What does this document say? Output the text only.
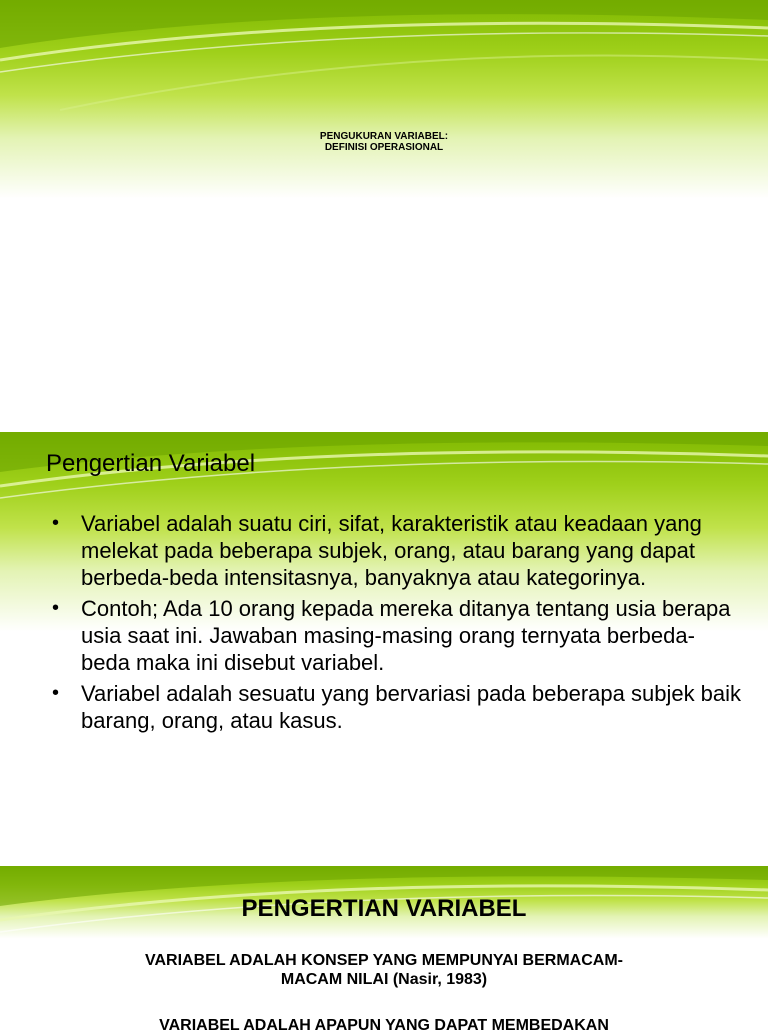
PENGUKURAN VARIABEL:
DEFINISI OPERASIONAL
Pengertian Variabel
• Variabel adalah suatu ciri, sifat, karakteristik atau keadaan yang melekat pada beberapa subjek, orang, atau barang yang dapat berbeda-beda intensitasnya, banyaknya atau kategorinya.
• Contoh; Ada 10 orang kepada mereka ditanya tentang usia berapa usia saat ini. Jawaban masing-masing orang ternyata berbeda-beda maka ini disebut variabel.
• Variabel adalah sesuatu yang bervariasi pada beberapa subjek baik barang, orang, atau kasus.
PENGERTIAN VARIABEL
VARIABEL ADALAH KONSEP YANG MEMPUNYAI BERMACAM-MACAM NILAI (Nasir, 1983)
VARIABEL ADALAH APAPUN YANG DAPAT MEMBEDAKAN
